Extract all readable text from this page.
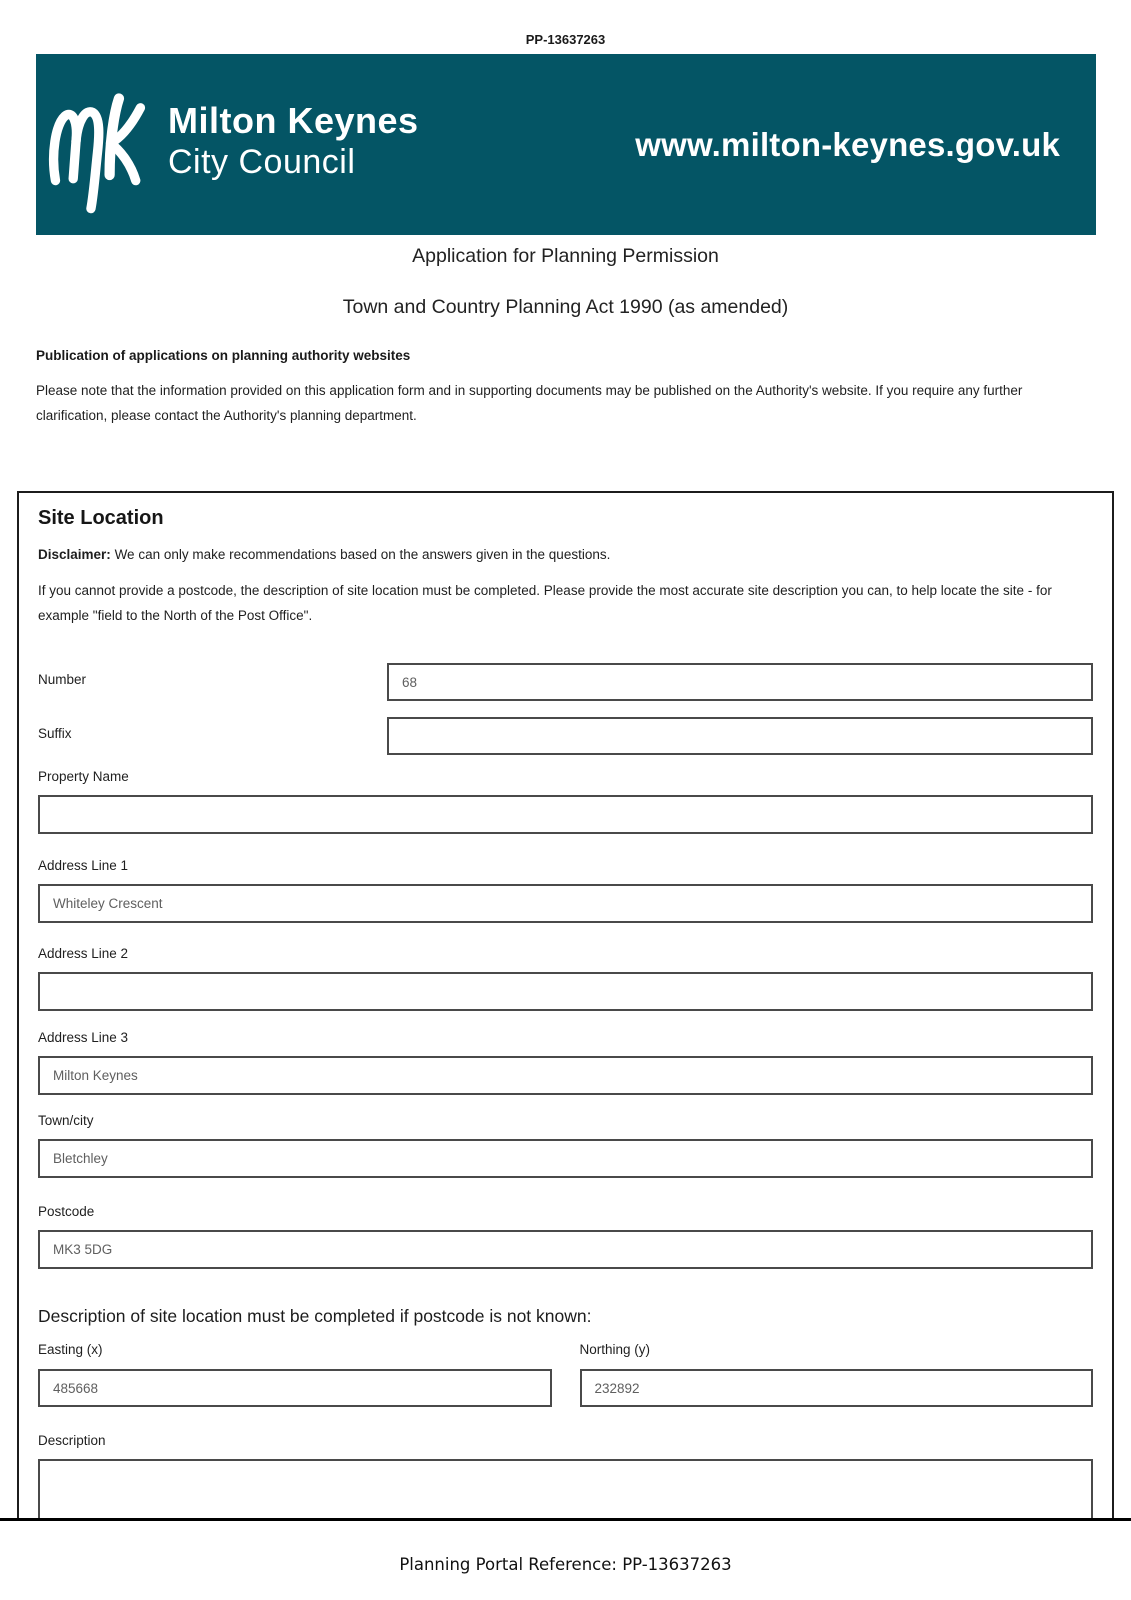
PP-13637263
Milton Keynes
City Council	www.milton-keynes.gov.uk
Application for Planning Permission
Town and Country Planning Act 1990 (as amended)
Publication of applications on planning authority websites
Please note that the information provided on this application form and in supporting documents may be published on the Authority's website. If you require any further clarification, please contact the Authority's planning department.
Site Location
Disclaimer: We can only make recommendations based on the answers given in the questions.
If you cannot provide a postcode, the description of site location must be completed. Please provide the most accurate site description you can, to help locate the site - for example "field to the North of the Post Office".
Number
68
Suffix
Property Name
Address Line 1
Whiteley Crescent
Address Line 2
Address Line 3
Milton Keynes
Town/city
Bletchley
Postcode
MK3 5DG
Description of site location must be completed if postcode is not known:
Easting (x)
485668	Northing (y)
232892
Description
Planning Portal Reference: PP-13637263
